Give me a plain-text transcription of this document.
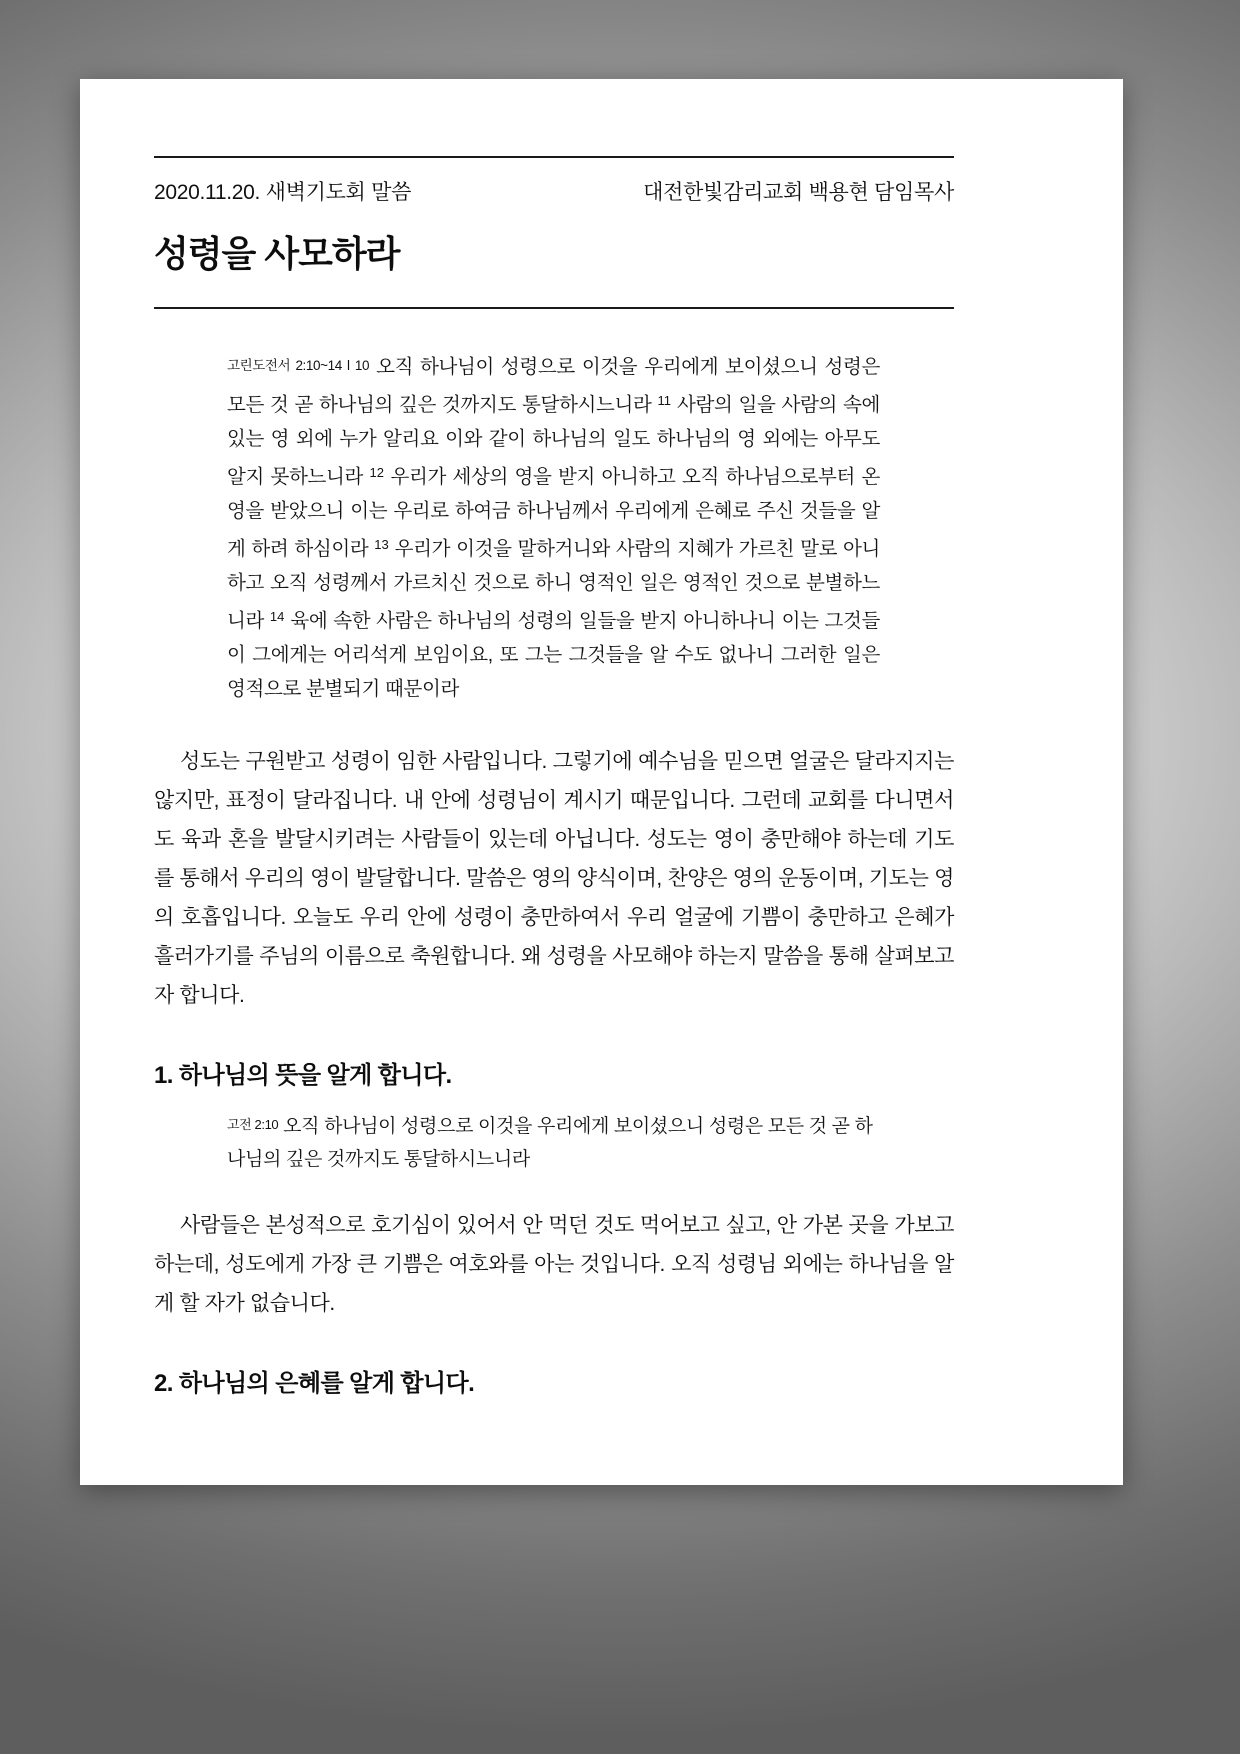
2020.11.20. 새벽기도회 말씀	대전한빛감리교회 백용현 담임목사
성령을 사모하라
고린도전서 2:10~14 l 10 오직 하나님이 성령으로 이것을 우리에게 보이셨으니 성령은 모든 것 곧 하나님의 깊은 것까지도 통달하시느니라 $^{11}$ 사람의 일을 사람의 속에 있는 영 외에 누가 알리요 이와 같이 하나님의 일도 하나님의 영 외에는 아무도 알지 못하느니라 $^{12}$ 우리가 세상의 영을 받지 아니하고 오직 하나님으로부터 온 영을 받았으니 이는 우리로 하여금 하나님께서 우리에게 은혜로 주신 것들을 알게 하려 하심이라 $^{13}$ 우리가 이것을 말하거니와 사람의 지혜가 가르친 말로 아니하고 오직 성령께서 가르치신 것으로 하니 영적인 일은 영적인 것으로 분별하느니라 $^{14}$ 육에 속한 사람은 하나님의 성령의 일들을 받지 아니하나니 이는 그것들이 그에게는 어리석게 보임이요, 또 그는 그것들을 알 수도 없나니 그러한 일은 영적으로 분별되기 때문이라

성도는 구원받고 성령이 임한 사람입니다. 그렇기에 예수님을 믿으면 얼굴은 달라지지는 않지만, 표정이 달라집니다. 내 안에 성령님이 계시기 때문입니다. 그런데 교회를 다니면서도 육과 혼을 발달시키려는 사람들이 있는데 아닙니다. 성도는 영이 충만해야 하는데 기도를 통해서 우리의 영이 발달합니다. 말씀은 영의 양식이며, 찬양은 영의 운동이며, 기도는 영의 호흡입니다. 오늘도 우리 안에 성령이 충만하여서 우리 얼굴에 기쁨이 충만하고 은혜가 흘러가기를 주님의 이름으로 축원합니다. 왜 성령을 사모해야 하는지 말씀을 통해 살펴보고자 합니다.

1. 하나님의 뜻을 알게 합니다.
고전 2:10 오직 하나님이 성령으로 이것을 우리에게 보이셨으니 성령은 모든 것 곧 하나님의 깊은 것까지도 통달하시느니라

사람들은 본성적으로 호기심이 있어서 안 먹던 것도 먹어보고 싶고, 안 가본 곳을 가보고 하는데, 성도에게 가장 큰 기쁨은 여호와를 아는 것입니다. 오직 성령님 외에는 하나님을 알게 할 자가 없습니다.

2. 하나님의 은혜를 알게 합니다.
